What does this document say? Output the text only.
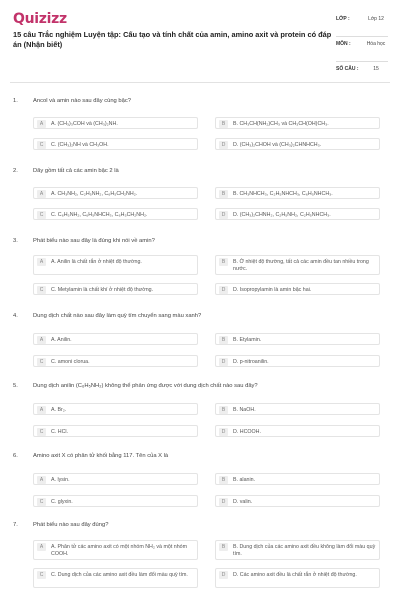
Quizizz
15 câu Trắc nghiệm Luyện tập: Cấu tạo và tính chất của amin, amino axit và protein có đáp án (Nhận biết)
LỚP :	Lớp 12
MÔN :	Hóa học
SỐ CÂU :	15
1.	Ancol và amin nào sau đây cùng bậc?
A	A. (CH₃)₃COH và (CH₃)₂NH.	B	B. CH₃CH(NH₂)CH₃ và CH₃CH(OH)CH₃.
C	C. (CH₃)₂NH và CH₃OH.	D	D. (CH₃)₂CHOH và (CH₃)₂CHNHCH₃.
2.	Dãy gồm tất cả các amin bậc 2 là
A	A. CH₃NH₂, C₂H₅NH₂, C₆H₅CH₂NH₂.	B	B. CH₃NHCH₃, C₂H₅NHCH₃, C₆H₅NHCH₃.
C	C. C₆H₅NH₂, C₆H₅NHCH₃, C₆H₅CH₂NH₂.	D	D. (CH₃)₂CHNH₂, C₂H₅NH₂, C₂H₅NHCH₃.
3.	Phát biểu nào sau đây là đúng khi nói về amin?
A	A. Anilin là chất rắn ở nhiệt độ thường.	B	B. Ở nhiệt độ thường, tất cả các amin đều tan nhiều trong nước.
C	C. Metylamin là chất khí ở nhiệt độ thường.	D	D. Isopropylamin là amin bậc hai.
4.	Dung dịch chất nào sau đây làm quỳ tím chuyển sang màu xanh?
A	A. Anilin.	B	B. Etylamin.
C	C. amoni clorua.	D	D. p-nitroanilin.
5.	Dung dịch anilin (C₆H₅NH₂) không thể phản ứng được với dung dịch chất nào sau đây?
A	A. Br₂.	B	B. NaOH.
C	C. HCl.	D	D. HCOOH.
6.	Amino axit X có phân tử khối bằng 117. Tên của X là
A	A. lysin.	B	B. alanin.
C	C. glyxin.	D	D. valin.
7.	Phát biểu nào sau đây đúng?
A	A. Phân tử các amino axit có một nhóm NH₂ và một nhóm COOH.
B	B. Dung dịch của các amino axit đều không làm đổi màu quỳ tím.
C	C. Dung dịch của các amino axit đều làm đổi màu quỳ tím.	D	D. Các amino axit đều là chất rắn ở nhiệt độ thường.
